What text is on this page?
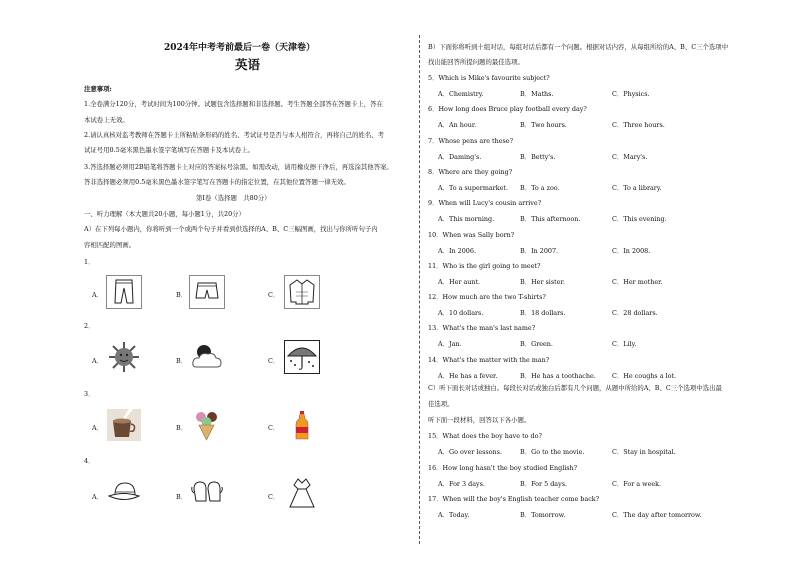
2024年中考考前最后一卷（天津卷）
英语
注意事项:
1.全卷满分120分，考试时间为100分钟。试题包含选择题和非选择题。考生答题全部答在答题卡上，答在
本试卷上无效。
2.请认真核对监考教师在答题卡上所粘贴条形码的姓名、考试证号是否与本人相符合，再将自己的姓名、考
试证号用0.5毫米黑色墨水签字笔填写在答题卡及本试卷上。
3.答选择题必须用2B铅笔将答题卡上对应的答案标号涂黑。如需改动，请用橡皮擦干净后，再选涂其他答案。
答非选择题必须用0.5毫米黑色墨水签字笔写在答题卡的指定位置，在其他位置答题一律无效。
第I卷（选择题　共80分）
一、听力理解（本大题共20小题，每小题1分，共20分）
A）在下列每小题内，你将听到一个或两个句子并看到供选择的A、B、C三幅图画，找出与你所听句子内
容相匹配的图画。
1．
A．	B．	C．
2．
A．	B．	C．
3．
A．	B．	C．
4．
A．	B．	C．
B）下面你将听到十组对话，每组对话后都有一个问题。根据对话内容，从每组所给的A、B、C三个选项中
找出能回答所提问题的最佳选项。
5．Which is Mike's favourite subject?
A．Chemistry.	B．Maths.	C．Physics.
6．How long does Bruce play football every day?
A．An hour.	B．Two hours.	C．Three hours.
7．Whose pens are these?
A．Daming's.	B．Betty's.	C．Mary's.
8．Where are they going?
A．To a supermarket. B．To a zoo.	C．To a library.
9．When will Lucy's cousin arrive?
A．This morning.	B．This afternoon.	C．This evening.
10．When was Sally born?
A．In 2006.	B．In 2007.	C．In 2008.
11．Who is the girl going to meet?
A．Her aunt.	B．Her sister.	C．Her mother.
12．How much are the two T-shirts?
A．10 dollars.	B．18 dollars.	C．28 dollars.
13．What's the man's last name?
A．Jan.	B．Green.	C．Lily.
14．What's the matter with the man?
A．He has a fever.	B．He has a toothache.	C．He coughs a lot.
C）听下面长对话或独白。每段长对话或独白后都有几个问题，从题中所给的A、B、C三个选项中选出最
佳选项。
听下面一段材料，回答以下各小题。
15．What does the boy have to do?
A．Go over lessons.	B．Go to the movie.	C．Stay in hospital.
16．How long hasn't the boy studied English?
A．For 3 days.	B．For 5 days.	C．For a week.
17．When will the boy's English teacher come back?
A．Today.	B．Tomorrow.	C．The day after tomorrow.
